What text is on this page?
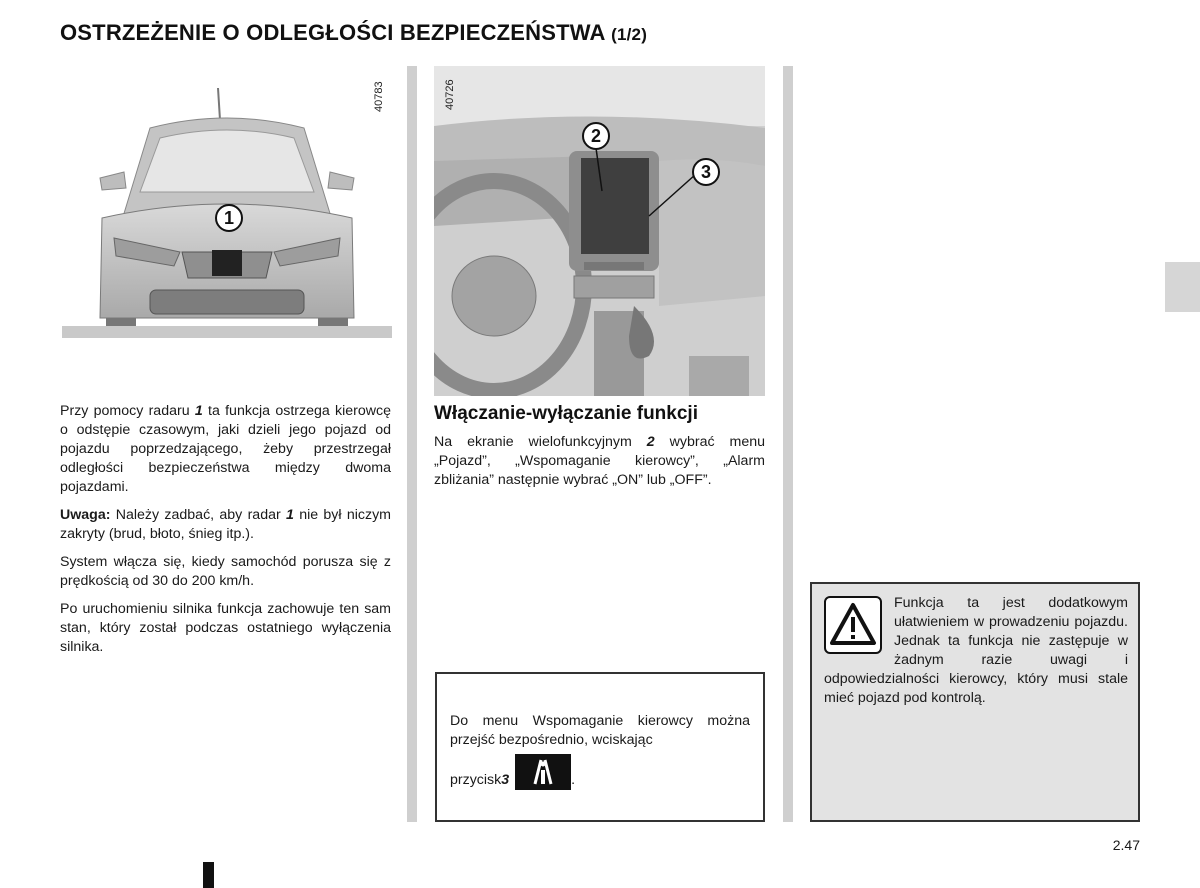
OSTRZEŻENIE O ODLEGŁOŚCI BEZPIECZEŃSTWA (1/2)
1
40783
2
3
40726

Przy pomocy radaru 1 ta funkcja ostrzega kierowcę o odstępie czasowym, jaki dzieli jego pojazd od pojazdu poprzedzającego, żeby przestrzegał odległości bezpieczeństwa między dwoma pojazdami.

Uwaga: Należy zadbać, aby radar 1 nie był niczym zakryty (brud, błoto, śnieg itp.).

System włącza się, kiedy samochód porusza się z prędkością od 30 do 200 km/h.

Po uruchomieniu silnika funkcja zachowuje ten sam stan, który został podczas ostatniego wyłączenia silnika.

Włączanie-wyłączanie funkcji

Na ekranie wielofunkcyjnym 2 wybrać menu „Pojazd”, „Wspomaganie kierowcy”, „Alarm zbliżania” następnie wybrać „ON” lub „OFF”.

Do menu Wspomaganie kierowcy można przejść bezpośrednio, wciskając

przycisk 3	.
Funkcja ta jest dodatkowym ułatwieniem w prowadzeniu pojazdu. Jednak ta funkcja nie zastępuje w żadnym razie uwagi i odpowiedzialności kierowcy, który musi stale mieć pojazd pod kontrolą.
2.47
